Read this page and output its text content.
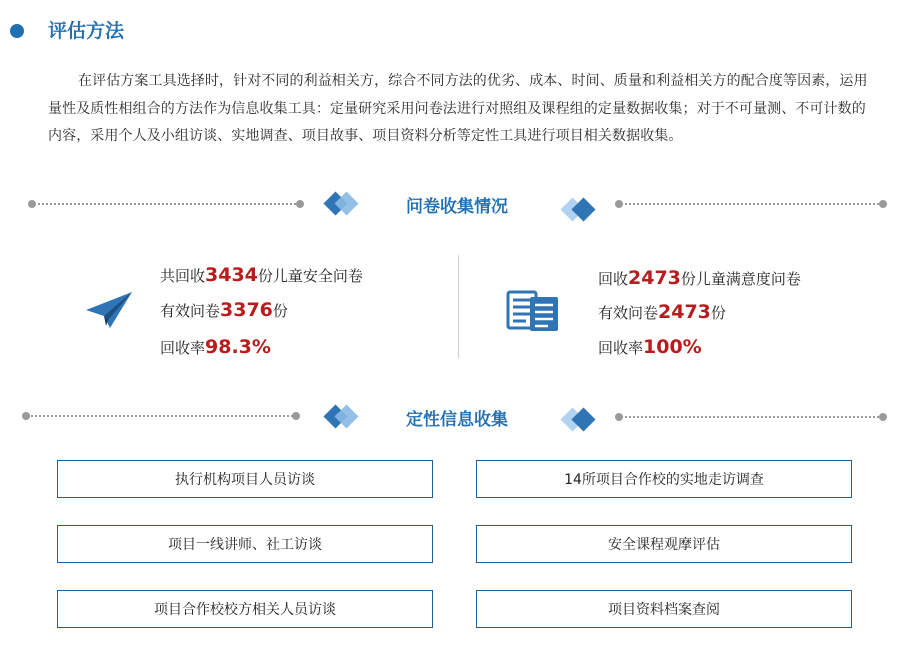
评估方法
在评估方案工具选择时，针对不同的利益相关方，综合不同方法的优劣、成本、时间、质量和利益相关方的配合度等因素，运用量性及质性相组合的方法作为信息收集工具：定量研究采用问卷法进行对照组及课程组的定量数据收集；对于不可量测、不可计数的内容，采用个人及小组访谈、实地调查、项目故事、项目资料分析等定性工具进行项目相关数据收集。
问卷收集情况
共回收3434份儿童安全问卷
有效问卷3376份
回收率98.3%
回收2473份儿童满意度问卷
有效问卷2473份
回收率100%
定性信息收集
执行机构项目人员访谈	14所项目合作校的实地走访调查
项目一线讲师、社工访谈	安全课程观摩评估
项目合作校校方相关人员访谈	项目资料档案查阅
